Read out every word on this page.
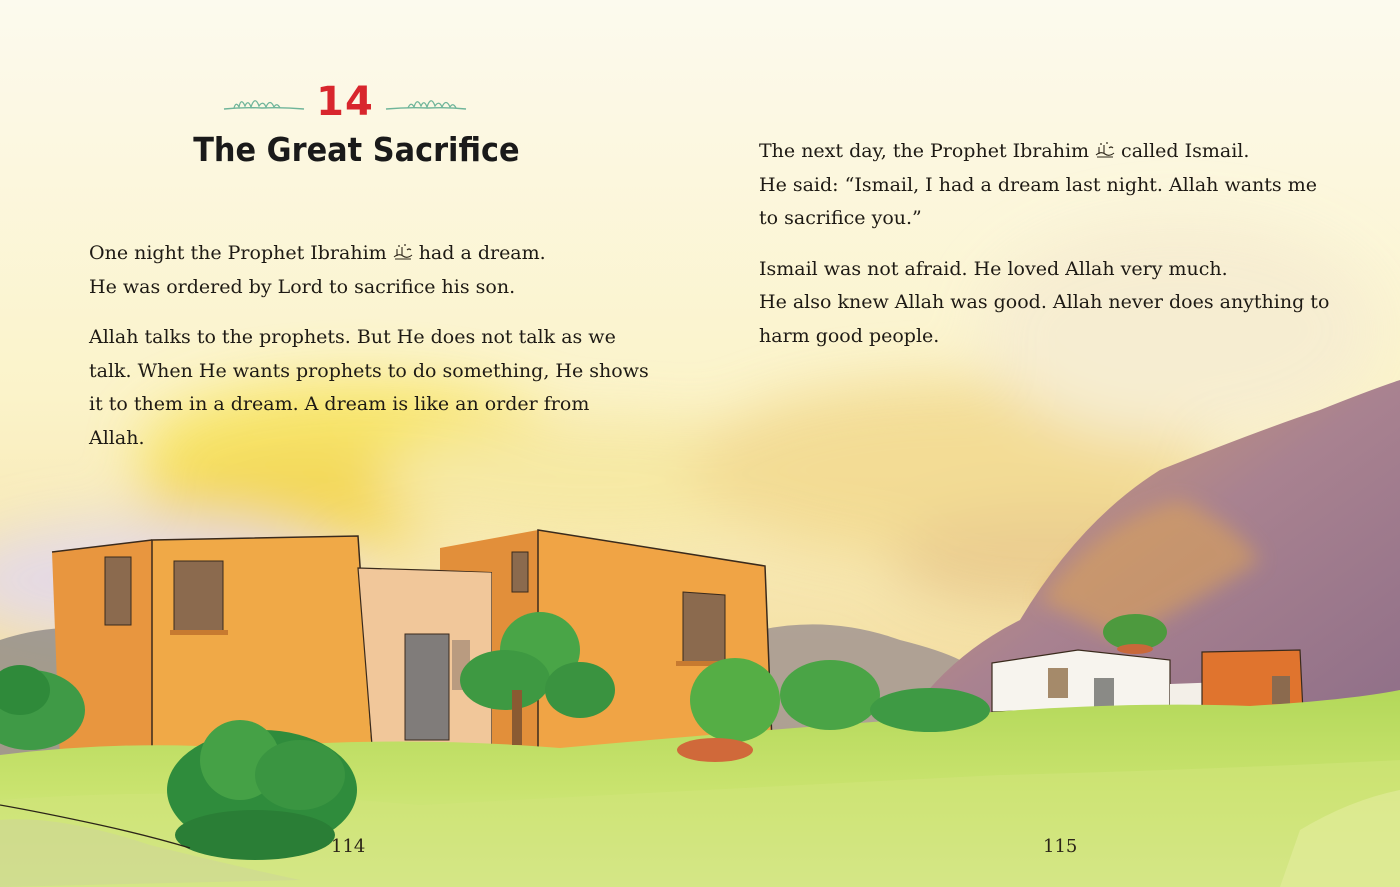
14
The Great Sacrifice

One night the Prophet Ibrahim had a dream.
He was ordered by Lord to sacrifice his son.

Allah talks to the prophets. But He does not talk as we talk. When He wants prophets to do something, He shows it to them in a dream. A dream is like an order from Allah.

The next day, the Prophet Ibrahim called Ismail.
He said: “Ismail, I had a dream last night. Allah wants me to sacrifice you.”

Ismail was not afraid. He loved Allah very much.
He also knew Allah was good. Allah never does anything to harm good people.

114	115
